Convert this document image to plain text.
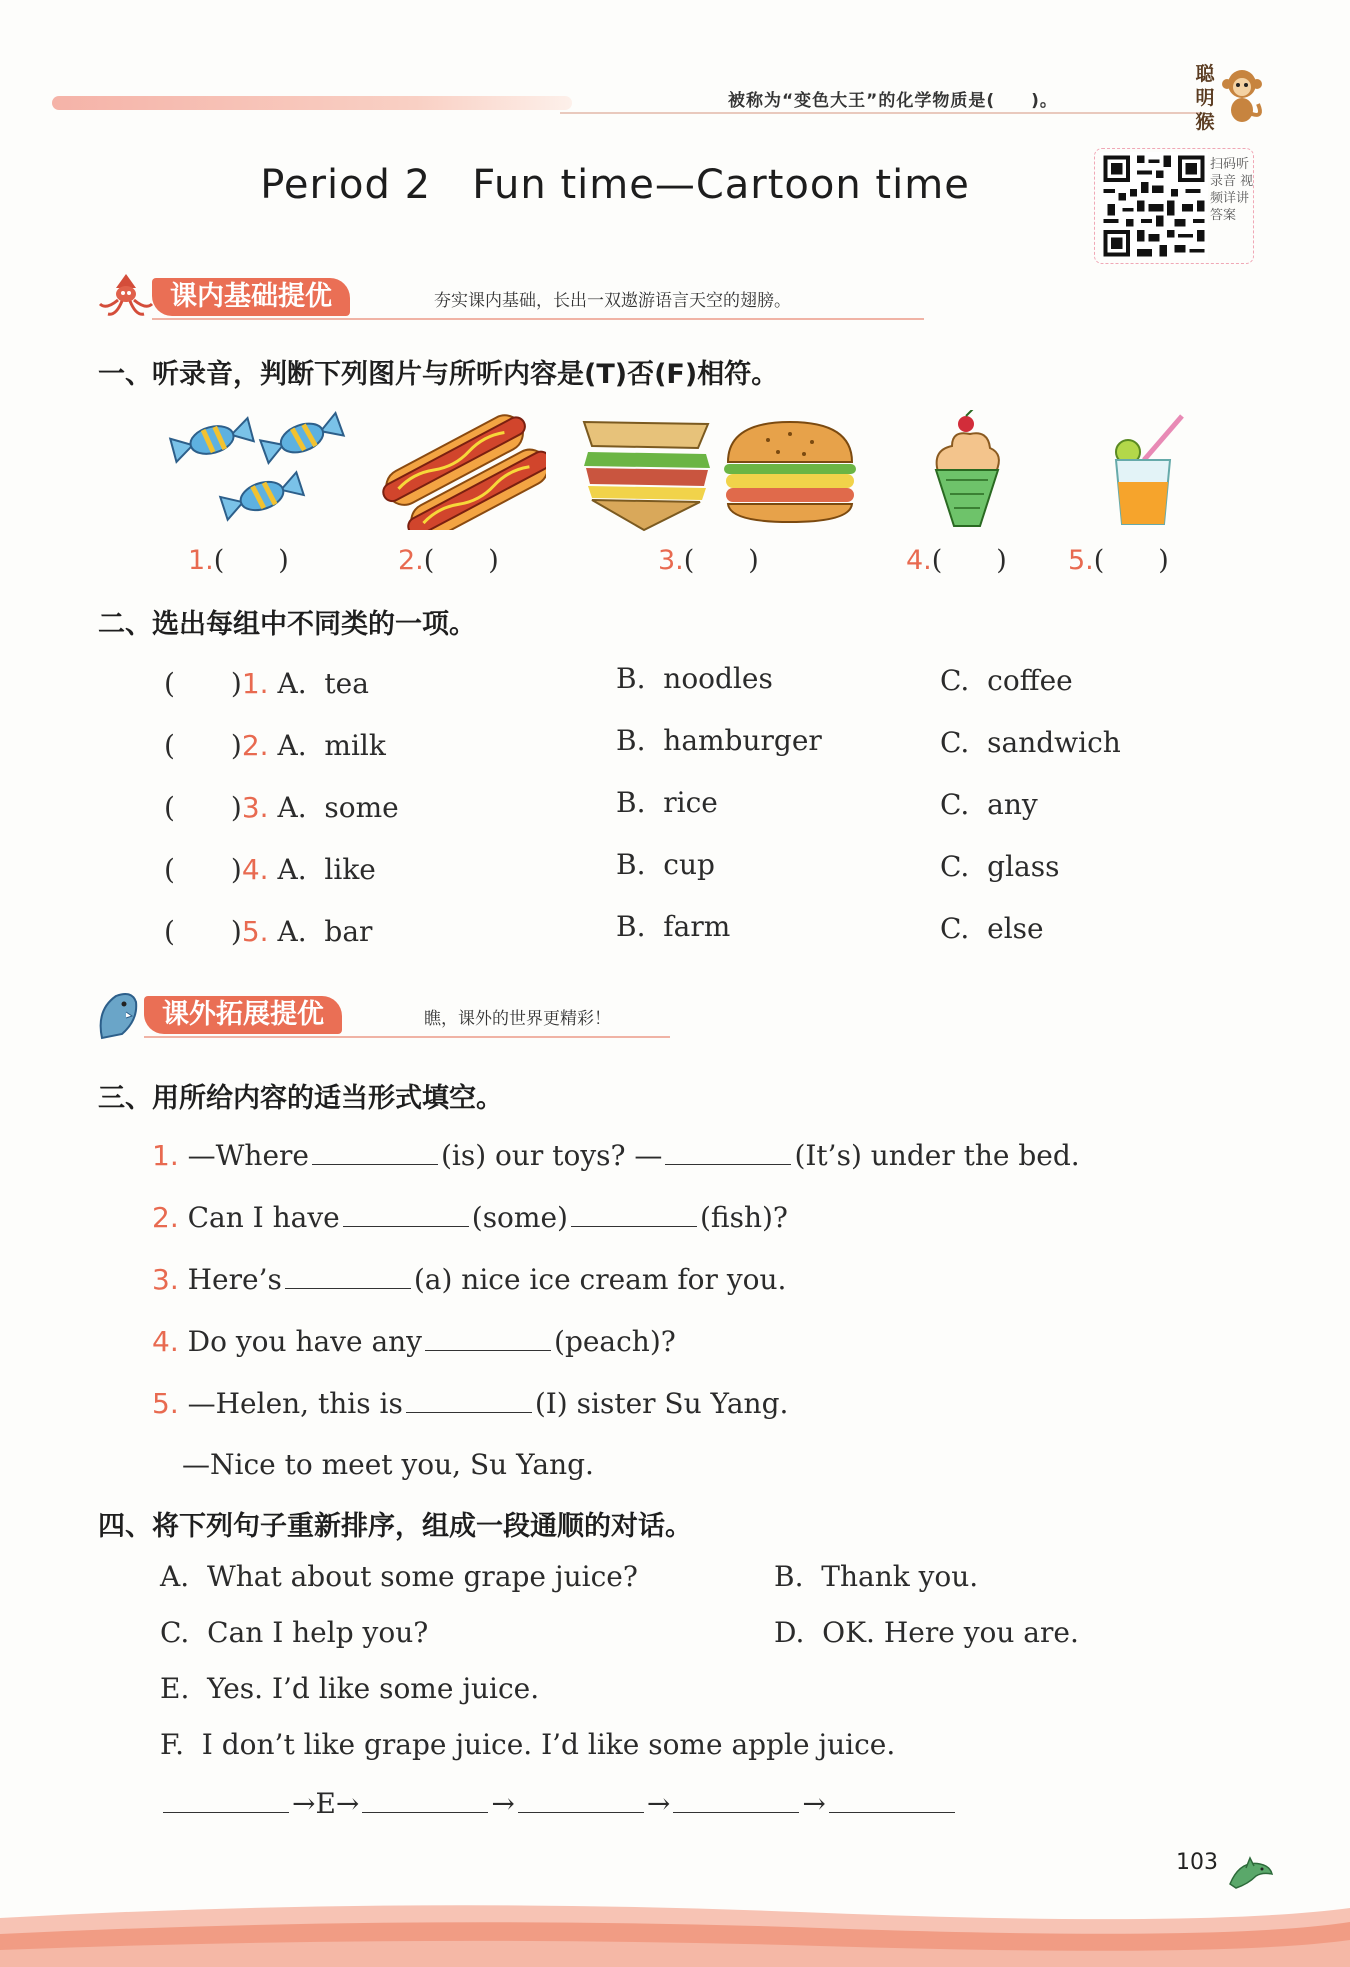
被称为“变色大王”的化学物质是(　　)。
聪
明
猴
Period 2 Fun time—Cartoon time	扫码听录音 视频详讲答案
课内基础提优	夯实课内基础，长出一双遨游语言天空的翅膀。
一、听录音，判断下列图片与所听内容是(T)否(F)相符。
1.(　　)	2.(　　)	3.(　　)	4.(　　) 5.(　　)
二、选出每组中不同类的一项。
(　　)1. A.  tea	B.  noodles	C.  coffee
(　　)2. A.  milk	B.  hamburger	C.  sandwich
(　　)3. A.  some	B.  rice	C.  any
(　　)4. A.  like	B.  cup	C.  glass
(　　)5. A.  bar	B.  farm	C.  else
课外拓展提优	瞧，课外的世界更精彩！
三、用所给内容的适当形式填空。
1. —Where	(is) our toys? —	(It’s) under the bed.
2. Can I have	(some)	(fish)?
3. Here’s	(a) nice ice cream for you.
4. Do you have any	(peach)?
5. —Helen, this is	(I) sister Su Yang.
—Nice to meet you, Su Yang.
四、将下列句子重新排序，组成一段通顺的对话。
A. What about some grape juice?	B. Thank you.
C. Can I help you?	D. OK. Here you are.
E. Yes. I’d like some juice.
F. I don’t like grape juice. I’d like some apple juice.
→E→	→	→	→
103
